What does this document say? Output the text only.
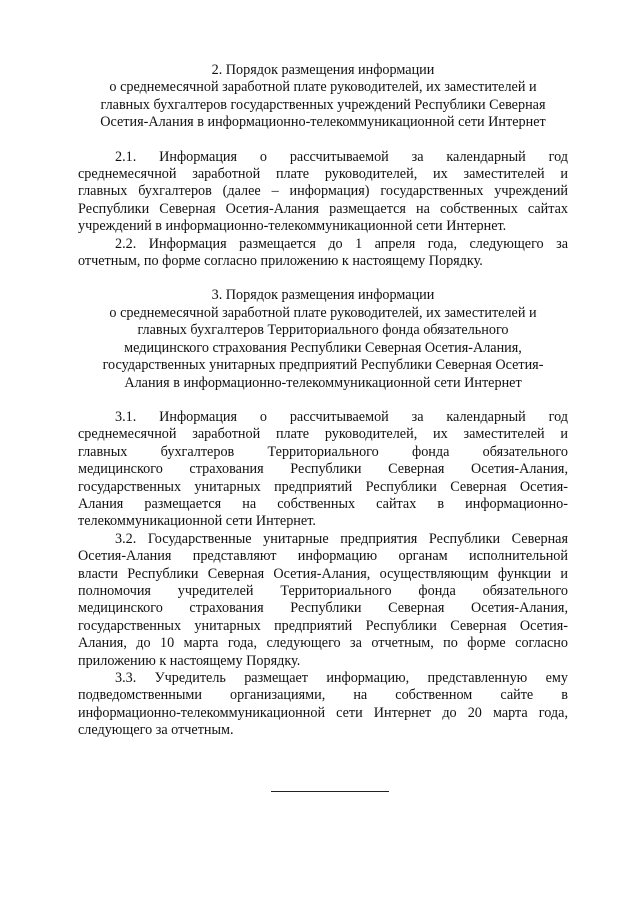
2. Порядок размещения информации
о среднемесячной заработной плате руководителей, их заместителей и
главных бухгалтеров государственных учреждений Республики Северная
Осетия-Алания в информационно-телекоммуникационной сети Интернет
2.1. Информация о рассчитываемой за календарный год
среднемесячной заработной плате руководителей, их заместителей и
главных бухгалтеров (далее – информация) государственных учреждений
Республики Северная Осетия-Алания размещается на собственных сайтах
учреждений в информационно-телекоммуникационной сети Интернет.
2.2. Информация размещается до 1 апреля года, следующего за
отчетным, по форме согласно приложению к настоящему Порядку.
3. Порядок размещения информации
о среднемесячной заработной плате руководителей, их заместителей и
главных бухгалтеров Территориального фонда обязательного
медицинского страхования Республики Северная Осетия-Алания,
государственных унитарных предприятий Республики Северная Осетия-
Алания в информационно-телекоммуникационной сети Интернет
3.1. Информация о рассчитываемой за календарный год
среднемесячной заработной плате руководителей, их заместителей и
главных бухгалтеров Территориального фонда обязательного
медицинского страхования Республики Северная Осетия-Алания,
государственных унитарных предприятий Республики Северная Осетия-
Алания размещается на собственных сайтах в информационно-
телекоммуникационной сети Интернет.
3.2. Государственные унитарные предприятия Республики Северная
Осетия-Алания представляют информацию органам исполнительной
власти Республики Северная Осетия-Алания, осуществляющим функции и
полномочия учредителей Территориального фонда обязательного
медицинского страхования Республики Северная Осетия-Алания,
государственных унитарных предприятий Республики Северная Осетия-
Алания, до 10 марта года, следующего за отчетным, по форме согласно
приложению к настоящему Порядку.
3.3. Учредитель размещает информацию, представленную ему
подведомственными организациями, на собственном сайте в
информационно-телекоммуникационной сети Интернет до 20 марта года,
следующего за отчетным.
